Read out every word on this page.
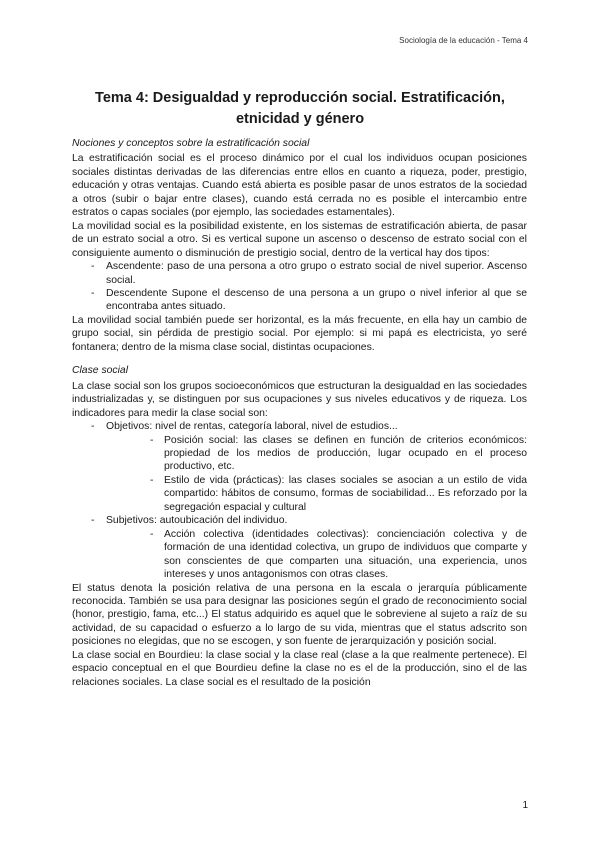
Sociología de la educación - Tema 4
Tema 4: Desigualdad y reproducción social. Estratificación, etnicidad y género

Nociones y conceptos sobre la estratificación social

La estratificación social es el proceso dinámico por el cual los individuos ocupan posiciones sociales distintas derivadas de las diferencias entre ellos en cuanto a riqueza, poder, prestigio, educación y otras ventajas. Cuando está abierta es posible pasar de unos estratos de la sociedad a otros (subir o bajar entre clases), cuando está cerrada no es posible el intercambio entre estratos o capas sociales (por ejemplo, las sociedades estamentales).

La movilidad social es la posibilidad existente, en los sistemas de estratificación abierta, de pasar de un estrato social a otro. Si es vertical supone un ascenso o descenso de estrato social con el consiguiente aumento o disminución de prestigio social, dentro de la vertical hay dos tipos:

- Ascendente: paso de una persona a otro grupo o estrato social de nivel superior. Ascenso social.
- Descendente Supone el descenso de una persona a un grupo o nivel inferior al que se encontraba antes situado.

La movilidad social también puede ser horizontal, es la más frecuente, en ella hay un cambio de grupo social, sin pérdida de prestigio social. Por ejemplo: si mi papá es electricista, yo seré fontanera; dentro de la misma clase social, distintas ocupaciones.

Clase social

La clase social son los grupos socioeconómicos que estructuran la desigualdad en las sociedades industrializadas y, se distinguen por sus ocupaciones y sus niveles educativos y de riqueza. Los indicadores para medir la clase social son:

- Objetivos: nivel de rentas, categoría laboral, nivel de estudios...
- Posición social: las clases se definen en función de criterios económicos: propiedad de los medios de producción, lugar ocupado en el proceso productivo, etc.
- Estilo de vida (prácticas): las clases sociales se asocian a un estilo de vida compartido: hábitos de consumo, formas de sociabilidad... Es reforzado por la segregación espacial y cultural
- Subjetivos: autoubicación del individuo.
- Acción colectiva (identidades colectivas): concienciación colectiva y de formación de una identidad colectiva, un grupo de individuos que comparte y son conscientes de que comparten una situación, una experiencia, unos intereses y unos antagonismos con otras clases.

El status denota la posición relativa de una persona en la escala o jerarquía públicamente reconocida. También se usa para designar las posiciones según el grado de reconocimiento social (honor, prestigio, fama, etc...) El status adquirido es aquel que le sobreviene al sujeto a raíz de su actividad, de su capacidad o esfuerzo a lo largo de su vida, mientras que el status adscrito son posiciones no elegidas, que no se escogen, y son fuente de jerarquización y posición social.

La clase social en Bourdieu: la clase social y la clase real (clase a la que realmente pertenece). El espacio conceptual en el que Bourdieu define la clase no es el de la producción, sino el de las relaciones sociales. La clase social es el resultado de la posición

1
